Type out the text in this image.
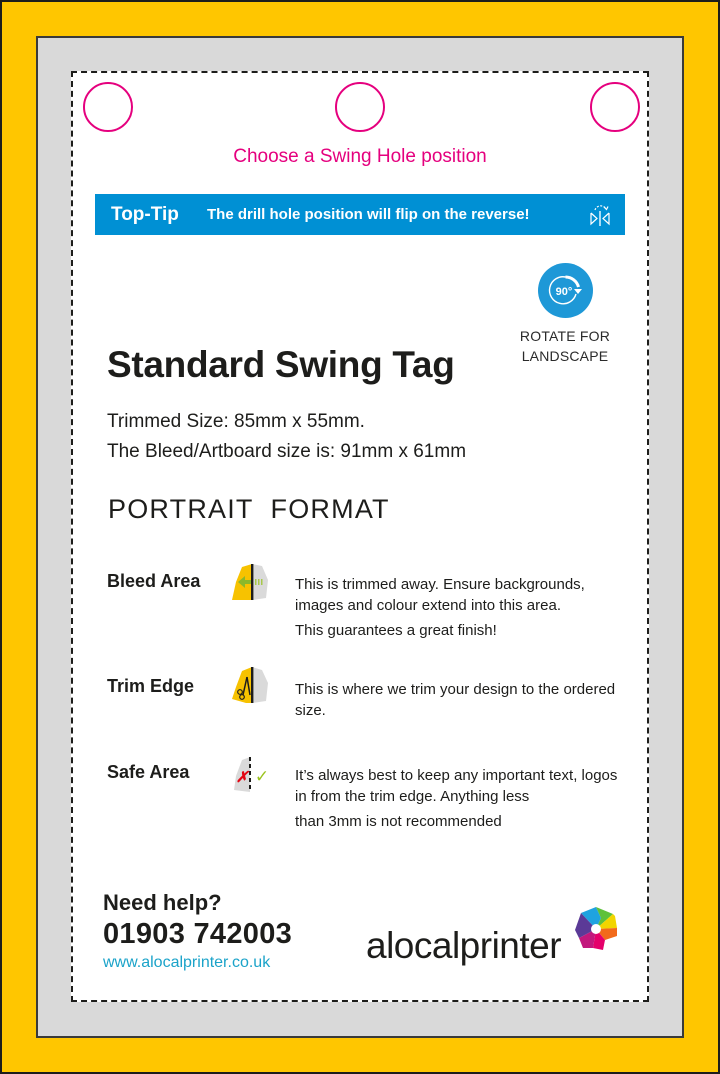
Choose a Swing Hole position
Top-Tip	The drill hole position will flip on the reverse!
90°
ROTATE FOR
LANDSCAPE
Standard Swing Tag
Trimmed Size: 85mm x 55mm.
The Bleed/Artboard size is: 91mm x 61mm
PORTRAIT  FORMAT
Bleed Area	This is trimmed away. Ensure backgrounds, images and colour extend into this area.
This guarantees a great finish!
Trim Edge	This is where we trim your design to the ordered size.
Safe Area	✗ ✓ It’s always best to keep any important text, logos in from the trim edge. Anything less
than 3mm is not recommended
Need help?
01903 742003
www.alocalprinter.co.uk	alocalprinter
